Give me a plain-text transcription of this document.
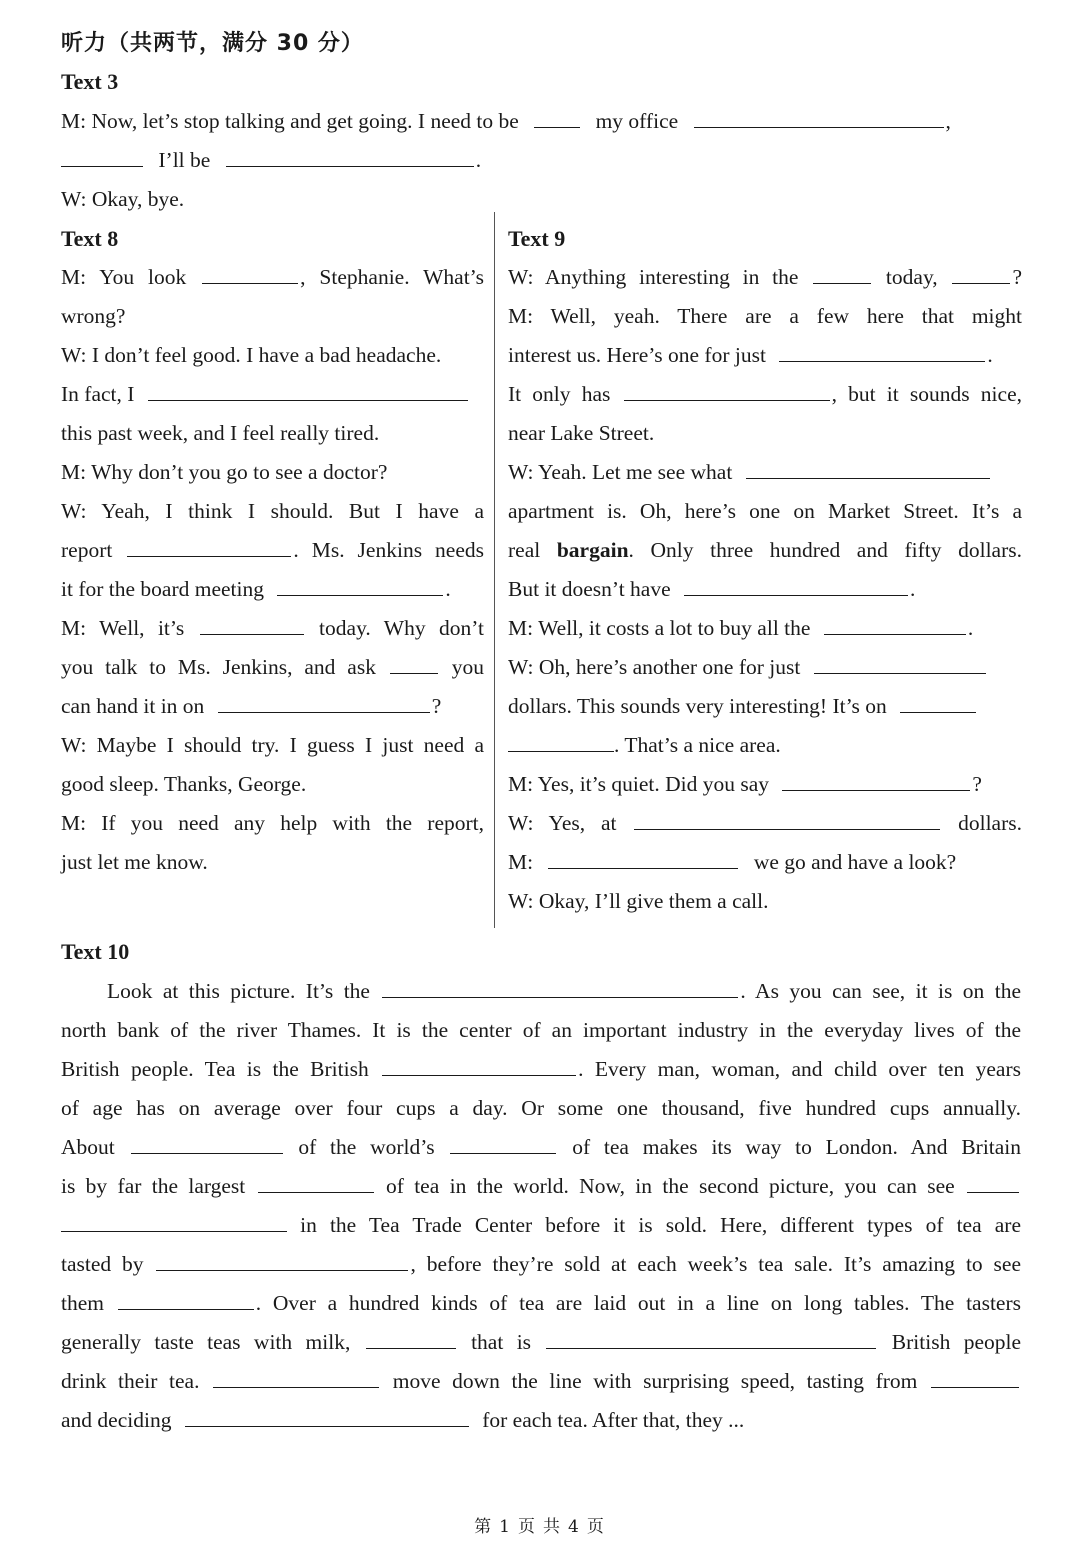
听力（共两节，满分 30 分）
Text 3
M: Now, let’s stop talking and get going. I need to be	my office	,
I’ll be	.
W: Okay, bye.
Text 8
M: You look	, Stephanie. What’s
wrong?
W: I don’t feel good. I have a bad headache.
In fact, I
this past week, and I feel really tired.
M: Why don’t you go to see a doctor?
W: Yeah, I think I should. But I have a
report	. Ms. Jenkins needs
it for the board meeting	.
M: Well, it’s	today. Why don’t
you talk to Ms. Jenkins, and ask	you
can hand it in on	?
W: Maybe I should try. I guess I just need a
good sleep. Thanks, George.
M: If you need any help with the report,
just let me know.
Text 9
W: Anything interesting in the	today,	?
M: Well, yeah. There are a few here that might
interest us. Here’s one for just	.
It only has	, but it sounds nice,
near Lake Street.
W: Yeah. Let me see what
apartment is. Oh, here’s one on Market Street. It’s a
real bargain. Only three hundred and fifty dollars.
But it doesn’t have	.
M: Well, it costs a lot to buy all the	.
W: Oh, here’s another one for just
dollars. This sounds very interesting! It’s on
. That’s a nice area.
M: Yes, it’s quiet. Did you say	?
W: Yes, at	dollars.
M:	we go and have a look?
W: Okay, I’ll give them a call.
Text 10
Look at this picture. It’s the	. As you can see, it is on the
north bank of the river Thames. It is the center of an important industry in the everyday lives of the
British people. Tea is the British	. Every man, woman, and child over ten years
of age has on average over four cups a day. Or some one thousand, five hundred cups annually.
About	of the world’s	of tea makes its way to London. And Britain
is by far the largest	of tea in the world. Now, in the second picture, you can see
in the Tea Trade Center before it is sold. Here, different types of tea are
tasted by	, before they’re sold at each week’s tea sale. It’s amazing to see
them	. Over a hundred kinds of tea are laid out in a line on long tables. The tasters
generally taste teas with milk,	that is	British people
drink their tea.	move down the line with surprising speed, tasting from
and deciding	for each tea. After that, they ...
第 1 页 共 4 页
